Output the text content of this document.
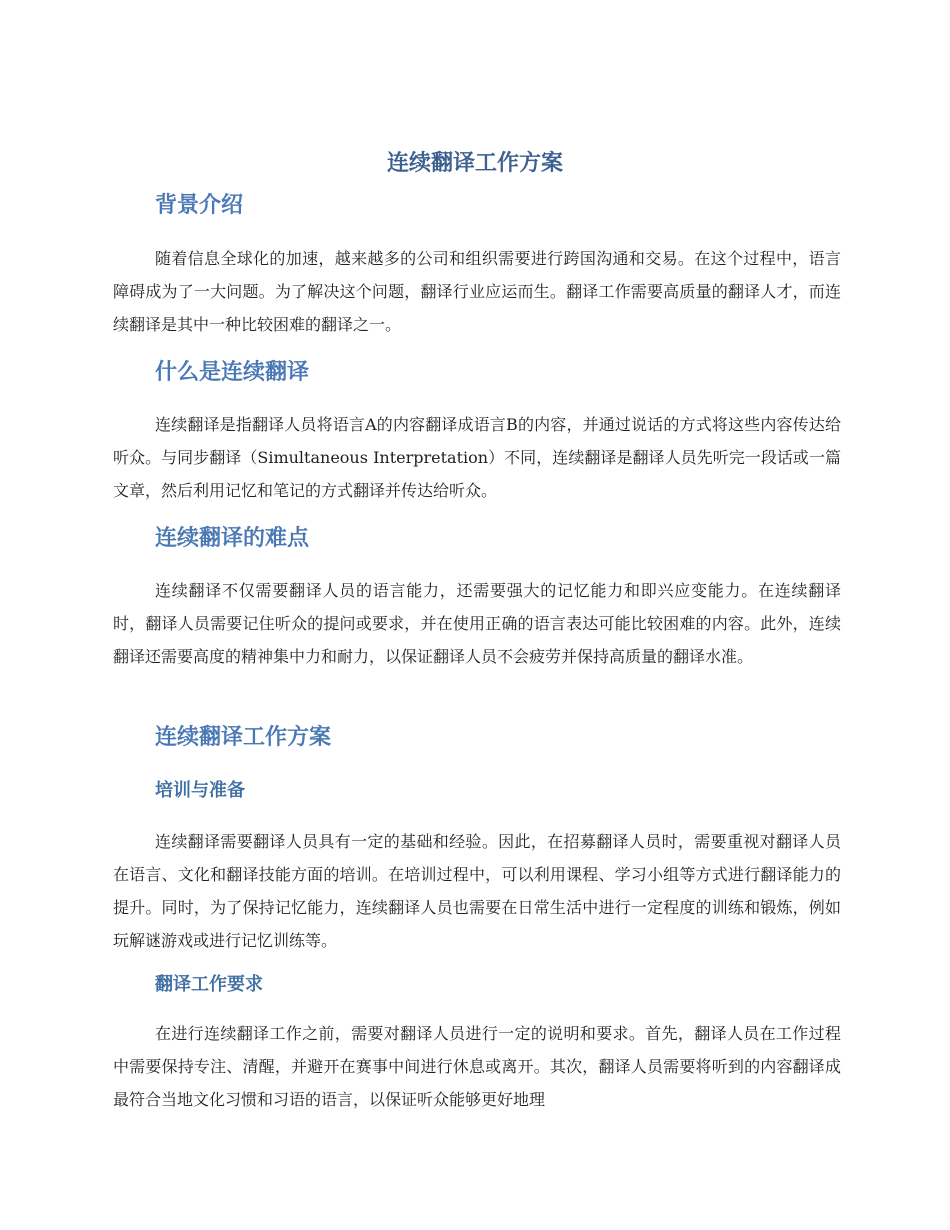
连续翻译工作方案
背景介绍

随着信息全球化的加速，越来越多的公司和组织需要进行跨国沟通和交易。在这个过程中，语言障碍成为了一大问题。为了解决这个问题，翻译行业应运而生。翻译工作需要高质量的翻译人才，而连续翻译是其中一种比较困难的翻译之一。

什么是连续翻译

连续翻译是指翻译人员将语言A的内容翻译成语言B的内容，并通过说话的方式将这些内容传达给听众。与同步翻译（Simultaneous Interpretation）不同，连续翻译是翻译人员先听完一段话或一篇文章，然后利用记忆和笔记的方式翻译并传达给听众。

连续翻译的难点

连续翻译不仅需要翻译人员的语言能力，还需要强大的记忆能力和即兴应变能力。在连续翻译时，翻译人员需要记住听众的提问或要求，并在使用正确的语言表达可能比较困难的内容。此外，连续翻译还需要高度的精神集中力和耐力，以保证翻译人员不会疲劳并保持高质量的翻译水准。

连续翻译工作方案
培训与准备

连续翻译需要翻译人员具有一定的基础和经验。因此，在招募翻译人员时，需要重视对翻译人员在语言、文化和翻译技能方面的培训。在培训过程中，可以利用课程、学习小组等方式进行翻译能力的提升。同时，为了保持记忆能力，连续翻译人员也需要在日常生活中进行一定程度的训练和锻炼，例如玩解谜游戏或进行记忆训练等。

翻译工作要求

在进行连续翻译工作之前，需要对翻译人员进行一定的说明和要求。首先，翻译人员在工作过程中需要保持专注、清醒，并避开在赛事中间进行休息或离开。其次，翻译人员需要将听到的内容翻译成最符合当地文化习惯和习语的语言，以保证听众能够更好地理
